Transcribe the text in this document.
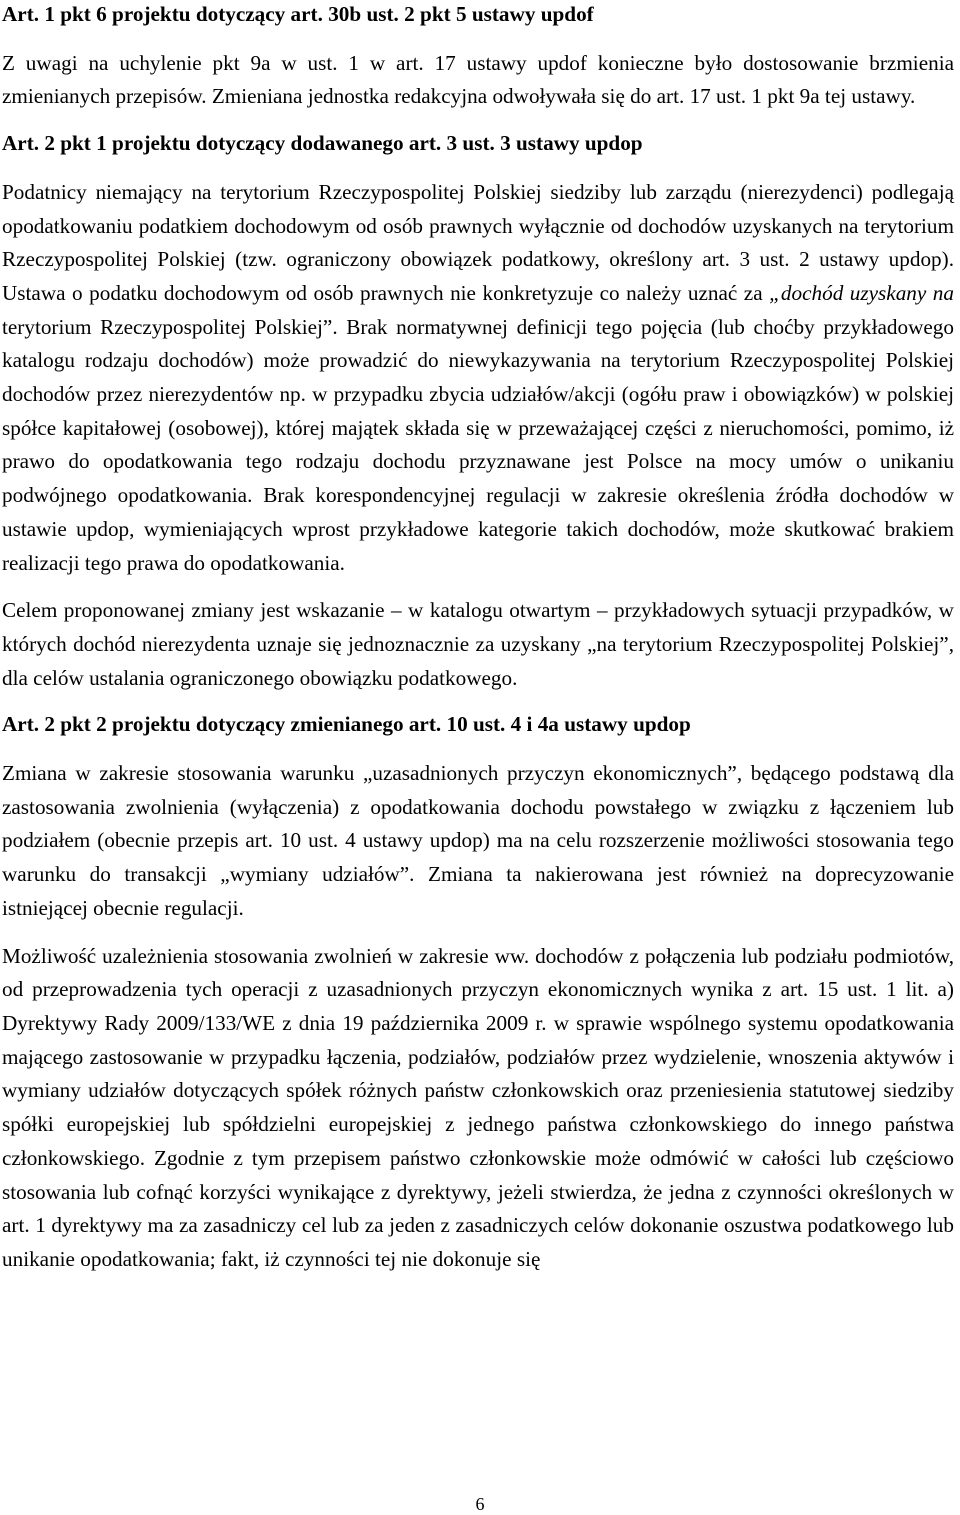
Art. 1 pkt 6 projektu dotyczący art. 30b ust. 2 pkt 5 ustawy updof

Z uwagi na uchylenie pkt 9a w ust. 1 w art. 17 ustawy updof konieczne było dostosowanie brzmienia zmienianych przepisów. Zmieniana jednostka redakcyjna odwoływała się do art. 17 ust. 1 pkt 9a tej ustawy.

Art. 2 pkt 1 projektu dotyczący dodawanego art. 3 ust. 3 ustawy updop

Podatnicy niemający na terytorium Rzeczypospolitej Polskiej siedziby lub zarządu (nierezydenci) podlegają opodatkowaniu podatkiem dochodowym od osób prawnych wyłącznie od dochodów uzyskanych na terytorium Rzeczypospolitej Polskiej (tzw. ograniczony obowiązek podatkowy, określony art. 3 ust. 2 ustawy updop). Ustawa o podatku dochodowym od osób prawnych nie konkretyzuje co należy uznać za „dochód uzyskany na terytorium Rzeczypospolitej Polskiej”. Brak normatywnej definicji tego pojęcia (lub choćby przykładowego katalogu rodzaju dochodów) może prowadzić do niewykazywania na terytorium Rzeczypospolitej Polskiej dochodów przez nierezydentów np. w przypadku zbycia udziałów/akcji (ogółu praw i obowiązków) w polskiej spółce kapitałowej (osobowej), której majątek składa się w przeważającej części z nieruchomości, pomimo, iż prawo do opodatkowania tego rodzaju dochodu przyznawane jest Polsce na mocy umów o unikaniu podwójnego opodatkowania. Brak korespondencyjnej regulacji w zakresie określenia źródła dochodów w ustawie updop, wymieniających wprost przykładowe kategorie takich dochodów, może skutkować brakiem realizacji tego prawa do opodatkowania.

Celem proponowanej zmiany jest wskazanie – w katalogu otwartym – przykładowych sytuacji przypadków, w których dochód nierezydenta uznaje się jednoznacznie za uzyskany „na terytorium Rzeczypospolitej Polskiej”, dla celów ustalania ograniczonego obowiązku podatkowego.

Art. 2 pkt 2 projektu dotyczący zmienianego art. 10 ust. 4 i 4a ustawy updop

Zmiana w zakresie stosowania warunku „uzasadnionych przyczyn ekonomicznych”, będącego podstawą dla zastosowania zwolnienia (wyłączenia) z opodatkowania dochodu powstałego w związku z łączeniem lub podziałem (obecnie przepis art. 10 ust. 4 ustawy updop) ma na celu rozszerzenie możliwości stosowania tego warunku do transakcji „wymiany udziałów”. Zmiana ta nakierowana jest również na doprecyzowanie istniejącej obecnie regulacji.

Możliwość uzależnienia stosowania zwolnień w zakresie ww. dochodów z połączenia lub podziału podmiotów, od przeprowadzenia tych operacji z uzasadnionych przyczyn ekonomicznych wynika z art. 15 ust. 1 lit. a) Dyrektywy Rady 2009/133/WE z dnia 19 października 2009 r. w sprawie wspólnego systemu opodatkowania mającego zastosowanie w przypadku łączenia, podziałów, podziałów przez wydzielenie, wnoszenia aktywów i wymiany udziałów dotyczących spółek różnych państw członkowskich oraz przeniesienia statutowej siedziby spółki europejskiej lub spółdzielni europejskiej z jednego państwa członkowskiego do innego państwa członkowskiego. Zgodnie z tym przepisem państwo członkowskie może odmówić w całości lub częściowo stosowania lub cofnąć korzyści wynikające z dyrektywy, jeżeli stwierdza, że jedna z czynności określonych w art. 1 dyrektywy ma za zasadniczy cel lub za jeden z zasadniczych celów dokonanie oszustwa podatkowego lub unikanie opodatkowania; fakt, iż czynności tej nie dokonuje się

6
